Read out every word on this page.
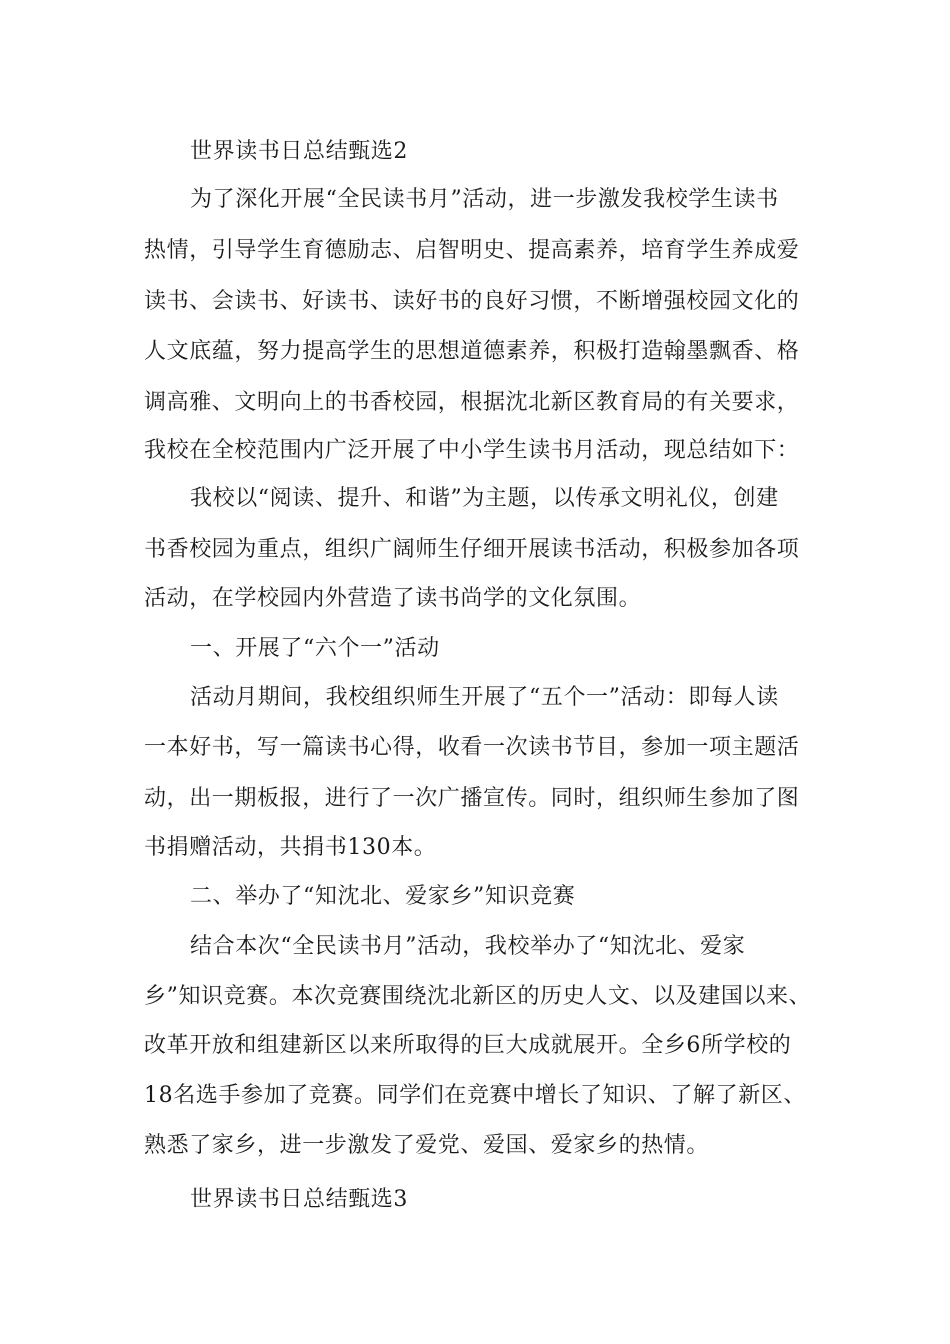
世界读书日总结甄选2
为了深化开展“全民读书月”活动，进一步激发我校学生读书
热情，引导学生育德励志、启智明史、提高素养，培育学生养成爱
读书、会读书、好读书、读好书的良好习惯，不断增强校园文化的
人文底蕴，努力提高学生的思想道德素养，积极打造翰墨飘香、格
调高雅、文明向上的书香校园，根据沈北新区教育局的有关要求，
我校在全校范围内广泛开展了中小学生读书月活动，现总结如下：
我校以“阅读、提升、和谐”为主题，以传承文明礼仪，创建
书香校园为重点，组织广阔师生仔细开展读书活动，积极参加各项
活动，在学校园内外营造了读书尚学的文化氛围。
一、开展了“六个一”活动
活动月期间，我校组织师生开展了“五个一”活动：即每人读
一本好书，写一篇读书心得，收看一次读书节目，参加一项主题活
动，出一期板报，进行了一次广播宣传。同时，组织师生参加了图
书捐赠活动，共捐书130本。
二、举办了“知沈北、爱家乡”知识竞赛
结合本次“全民读书月”活动，我校举办了“知沈北、爱家
乡”知识竞赛。本次竞赛围绕沈北新区的历史人文、以及建国以来、
改革开放和组建新区以来所取得的巨大成就展开。全乡6所学校的
18名选手参加了竞赛。同学们在竞赛中增长了知识、了解了新区、
熟悉了家乡，进一步激发了爱党、爱国、爱家乡的热情。
世界读书日总结甄选3
